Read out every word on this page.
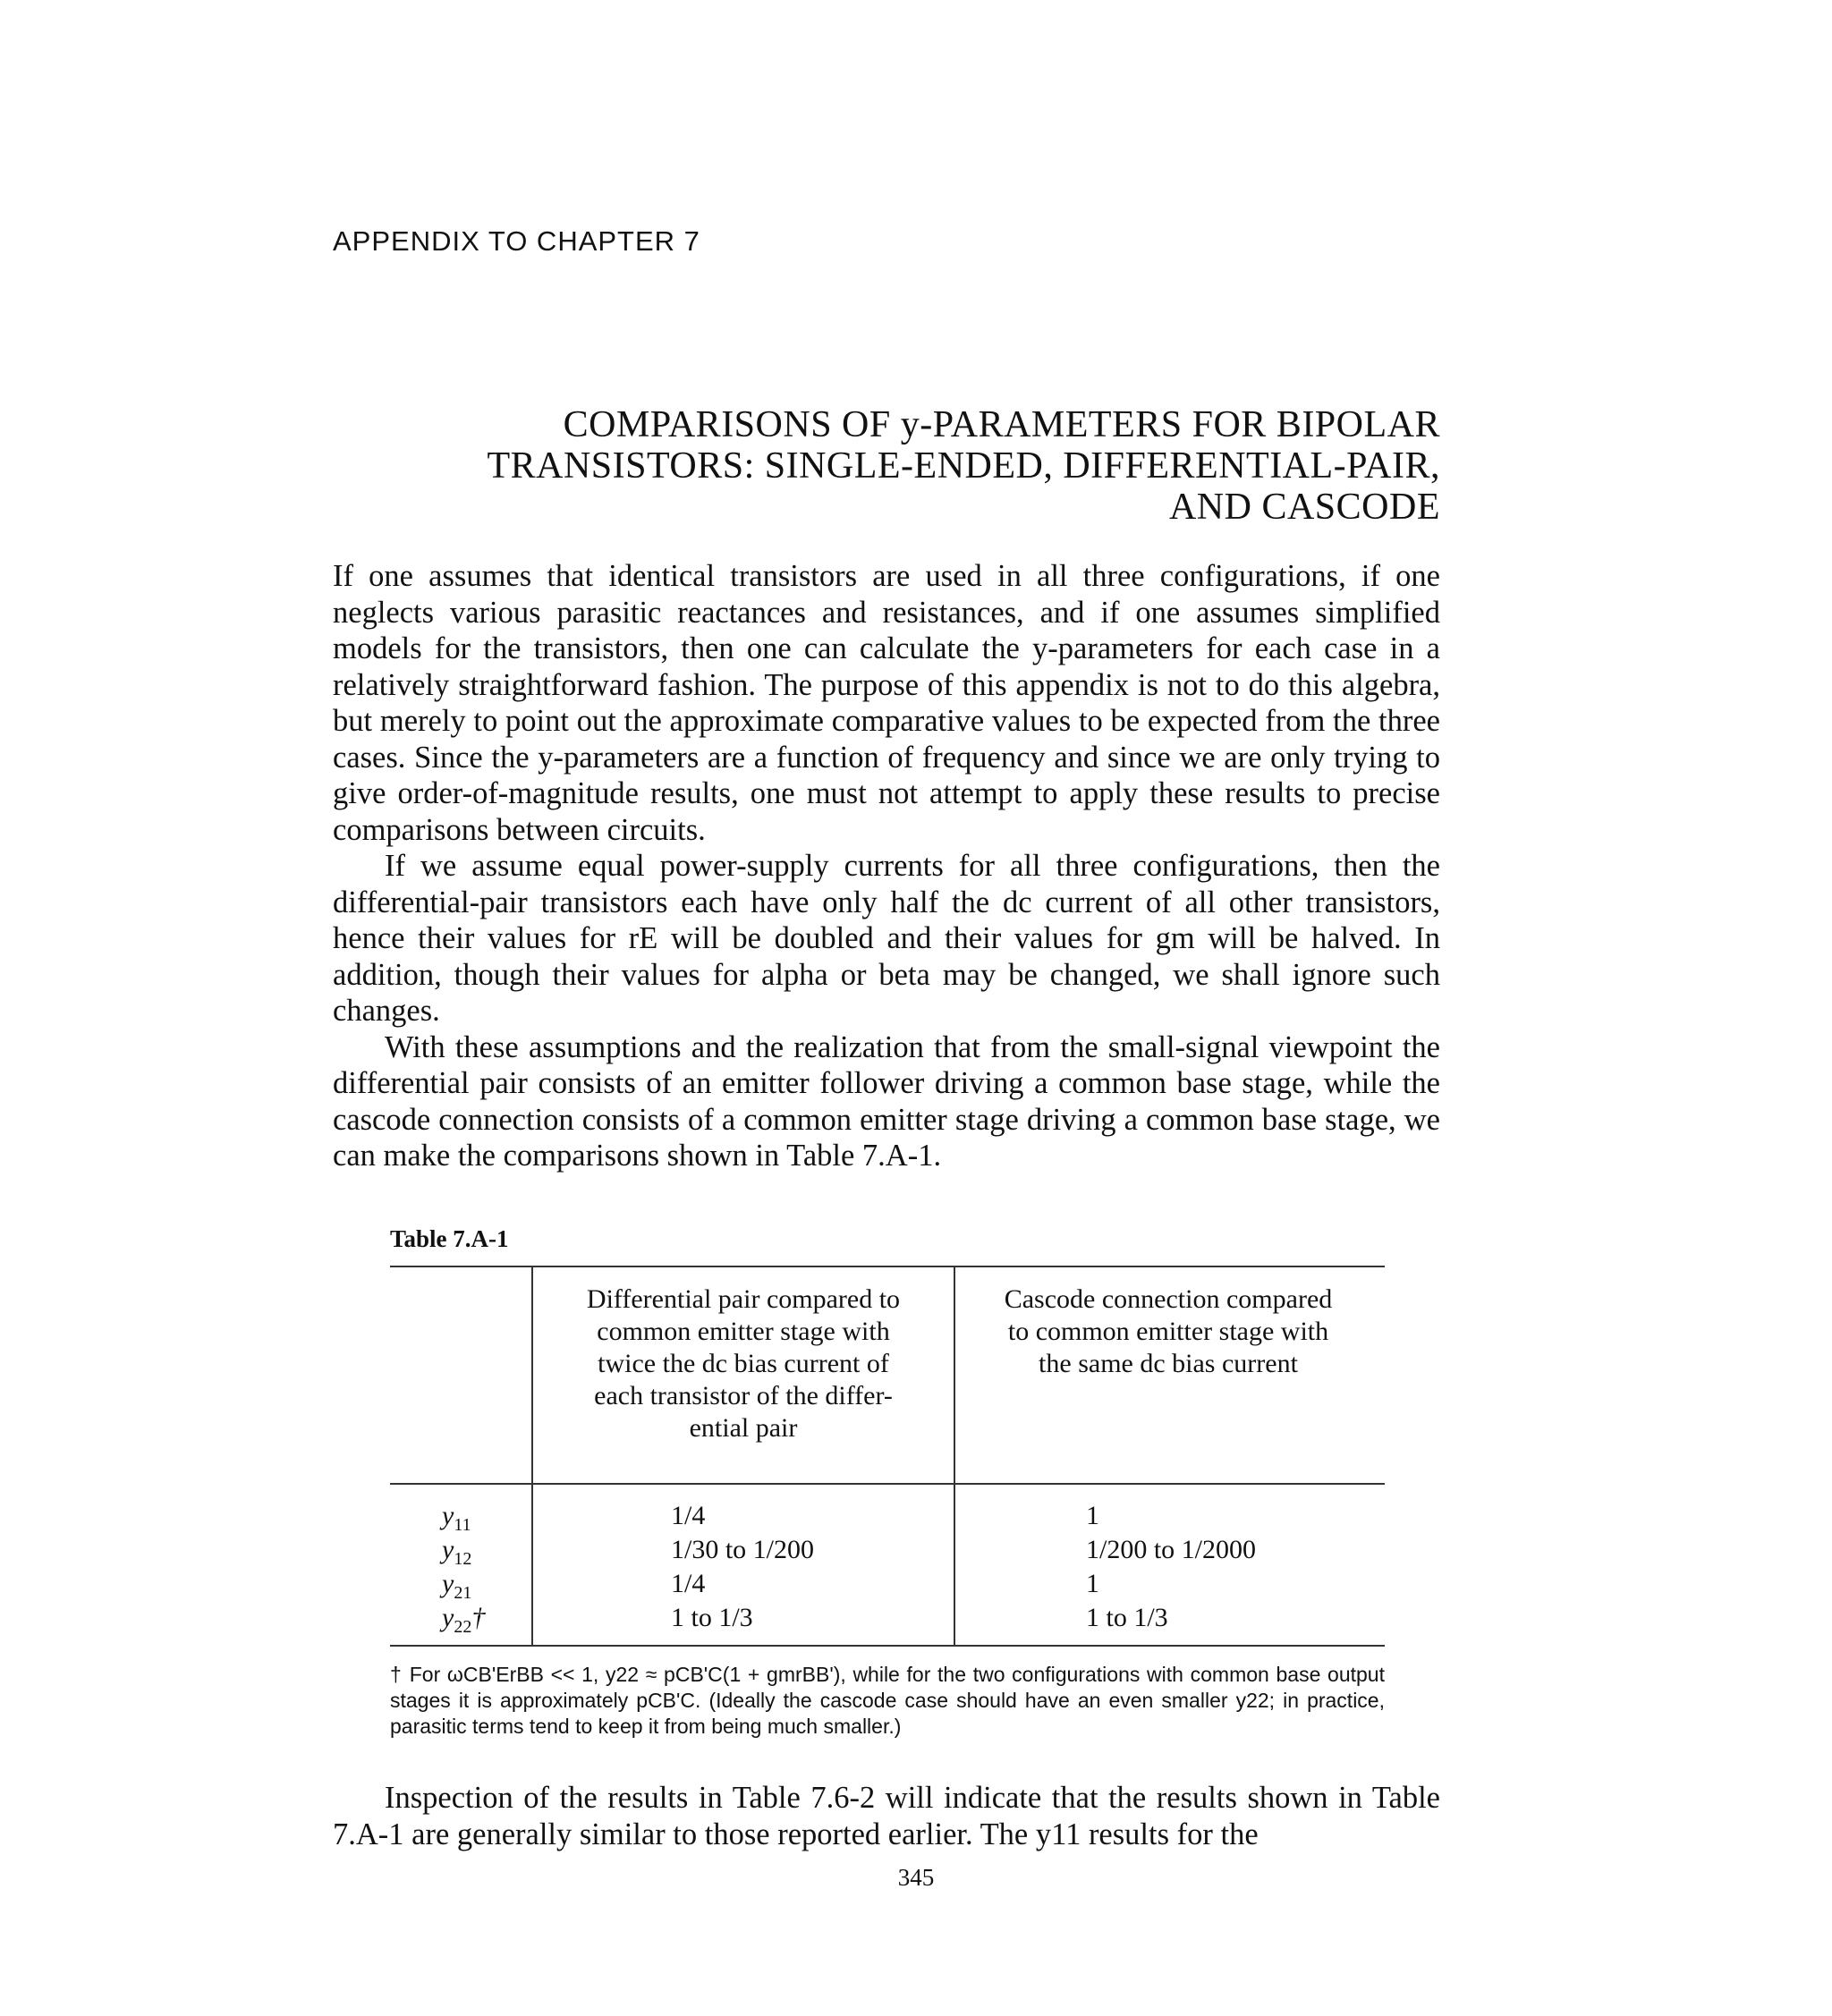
APPENDIX TO CHAPTER 7
COMPARISONS OF y-PARAMETERS FOR BIPOLAR
TRANSISTORS: SINGLE-ENDED, DIFFERENTIAL-PAIR,
AND CASCODE

If one assumes that identical transistors are used in all three configurations, if one neglects various parasitic reactances and resistances, and if one assumes simplified models for the transistors, then one can calculate the y-parameters for each case in a relatively straightforward fashion. The purpose of this appendix is not to do this algebra, but merely to point out the approximate comparative values to be expected from the three cases. Since the y-parameters are a function of frequency and since we are only trying to give order-of-magnitude results, one must not attempt to apply these results to precise comparisons between circuits.

If we assume equal power-supply currents for all three configurations, then the differential-pair transistors each have only half the dc current of all other transistors, hence their values for rE will be doubled and their values for gm will be halved. In addition, though their values for alpha or beta may be changed, we shall ignore such changes.

With these assumptions and the realization that from the small-signal viewpoint the differential pair consists of an emitter follower driving a common base stage, while the cascode connection consists of a common emitter stage driving a common base stage, we can make the comparisons shown in Table 7.A-1.

Table 7.A-1
Differential pair compared to
common emitter stage with
twice the dc bias current of
each transistor of the differ-
ential pair
Cascode connection compared
to common emitter stage with
the same dc bias current
$y_{11}$	1/4	1
$y_{12}$	1/30 to 1/200	1/200 to 1/2000
$y_{21}$	1/4	1
$y_{22}\dagger$	1 to 1/3	1 to 1/3
† For ωCB'ErBB << 1, y22 ≈ pCB'C(1 + gmrBB'), while for the two configurations with common base output stages it is approximately pCB'C. (Ideally the cascode case should have an even smaller y22; in practice, parasitic terms tend to keep it from being much smaller.)

Inspection of the results in Table 7.6-2 will indicate that the results shown in Table 7.A-1 are generally similar to those reported earlier. The y11 results for the

345
